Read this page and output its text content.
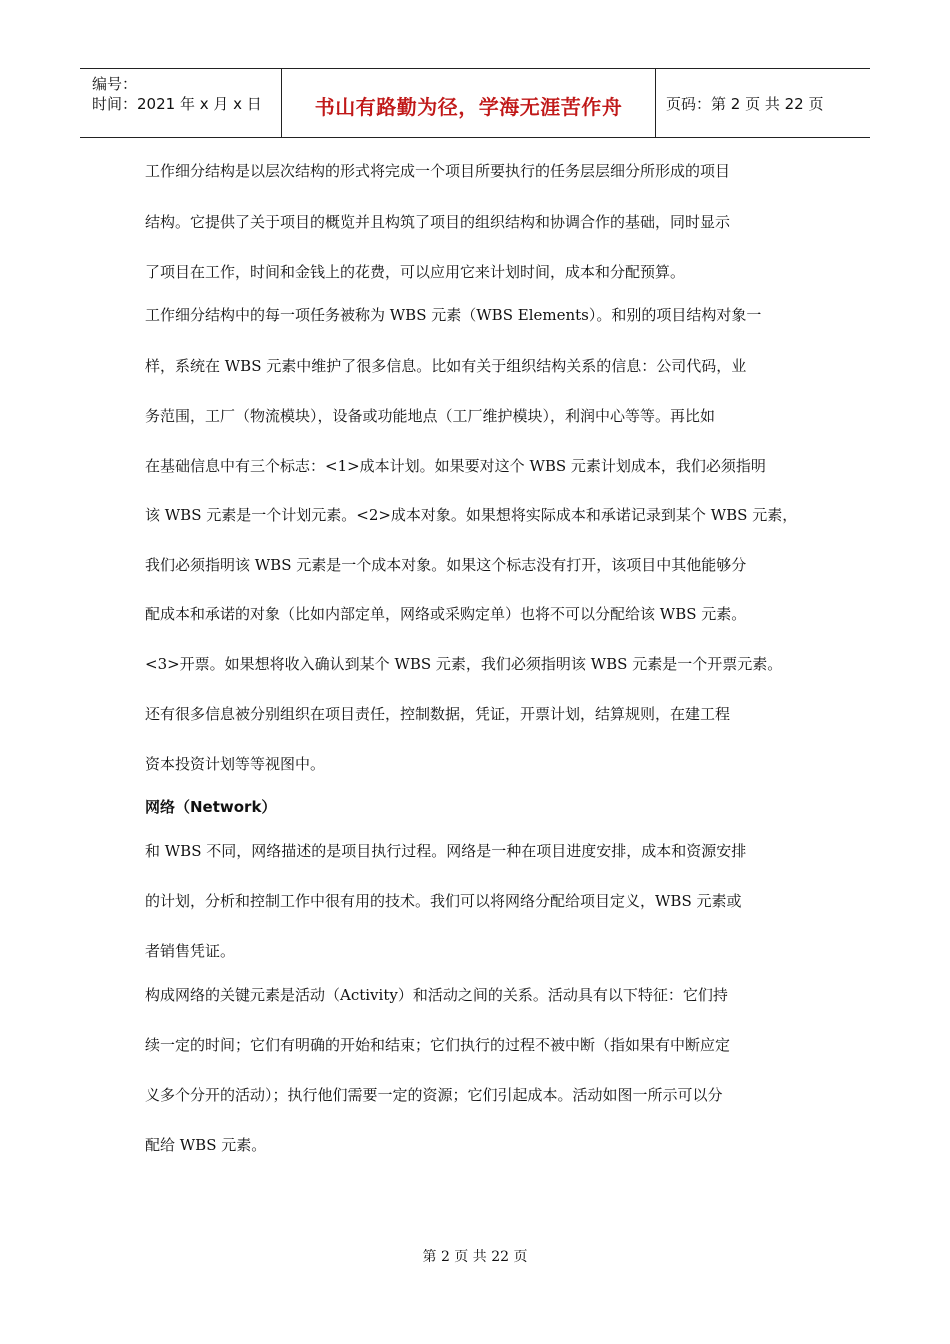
编号：
时间：2021 年 x 月 x 日	书山有路勤为径，学海无涯苦作舟	页码：第 2 页 共 22 页
工作细分结构是以层次结构的形式将完成一个项目所要执行的任务层层细分所形成的项目
结构。它提供了关于项目的概览并且构筑了项目的组织结构和协调合作的基础，同时显示
了项目在工作，时间和金钱上的花费，可以应用它来计划时间，成本和分配预算。
工作细分结构中的每一项任务被称为 WBS 元素（WBS Elements）。和别的项目结构对象一
样，系统在 WBS 元素中维护了很多信息。比如有关于组织结构关系的信息：公司代码，业
务范围，工厂（物流模块），设备或功能地点（工厂维护模块），利润中心等等。再比如
在基础信息中有三个标志：<1>成本计划。如果要对这个 WBS 元素计划成本，我们必须指明
该 WBS 元素是一个计划元素。<2>成本对象。如果想将实际成本和承诺记录到某个 WBS 元素，
我们必须指明该 WBS 元素是一个成本对象。如果这个标志没有打开，该项目中其他能够分
配成本和承诺的对象（比如内部定单，网络或采购定单）也将不可以分配给该 WBS 元素。
<3>开票。如果想将收入确认到某个 WBS 元素，我们必须指明该 WBS 元素是一个开票元素。
还有很多信息被分别组织在项目责任，控制数据，凭证，开票计划，结算规则，在建工程
资本投资计划等等视图中。
网络（Network）
和 WBS 不同，网络描述的是项目执行过程。网络是一种在项目进度安排，成本和资源安排
的计划，分析和控制工作中很有用的技术。我们可以将网络分配给项目定义，WBS 元素或
者销售凭证。
构成网络的关键元素是活动（Activity）和活动之间的关系。活动具有以下特征：它们持
续一定的时间；它们有明确的开始和结束；它们执行的过程不被中断（指如果有中断应定
义多个分开的活动）；执行他们需要一定的资源；它们引起成本。活动如图一所示可以分
配给 WBS 元素。
第 2 页 共 22 页
